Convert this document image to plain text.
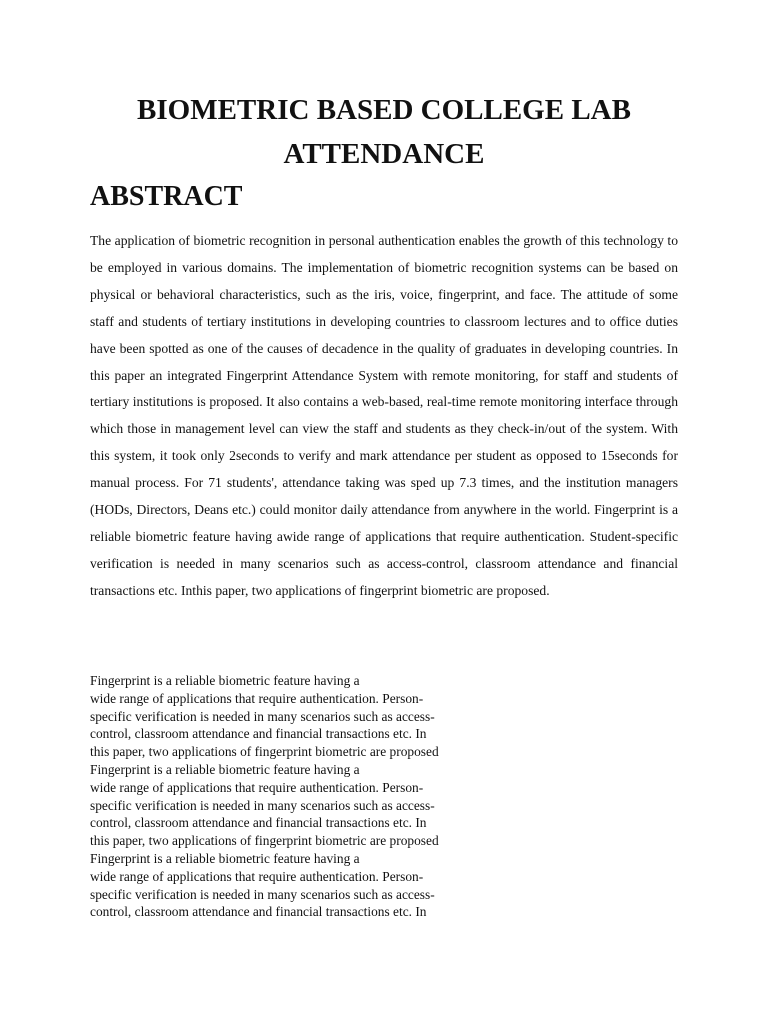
BIOMETRIC BASED COLLEGE LAB
ATTENDANCE
ABSTRACT

The application of biometric recognition in personal authentication enables the growth of this technology to be employed in various domains. The implementation of biometric recognition systems can be based on physical or behavioral characteristics, such as the iris, voice, fingerprint, and face. The attitude of some staff and students of tertiary institutions in developing countries to classroom lectures and to office duties have been spotted as one of the causes of decadence in the quality of graduates in developing countries. In this paper an integrated Fingerprint Attendance System with remote monitoring, for staff and students of tertiary institutions is proposed. It also contains a web-based, real-time remote monitoring interface through which those in management level can view the staff and students as they check-in/out of the system. With this system, it took only 2seconds to verify and mark attendance per student as opposed to 15seconds for manual process. For 71 students', attendance taking was sped up 7.3 times, and the institution managers (HODs, Directors, Deans etc.) could monitor daily attendance from anywhere in the world. Fingerprint is a reliable biometric feature having awide range of applications that require authentication. Student-specific verification is needed in many scenarios such as access-control, classroom attendance and financial transactions etc. Inthis paper, two applications of fingerprint biometric are proposed.

Fingerprint is a reliable biometric feature having a
wide range of applications that require authentication. Person-
specific verification is needed in many scenarios such as access-
control, classroom attendance and financial transactions etc. In
this paper, two applications of fingerprint biometric are proposed
Fingerprint is a reliable biometric feature having a
wide range of applications that require authentication. Person-
specific verification is needed in many scenarios such as access-
control, classroom attendance and financial transactions etc. In
this paper, two applications of fingerprint biometric are proposed
Fingerprint is a reliable biometric feature having a
wide range of applications that require authentication. Person-
specific verification is needed in many scenarios such as access-
control, classroom attendance and financial transactions etc. In
